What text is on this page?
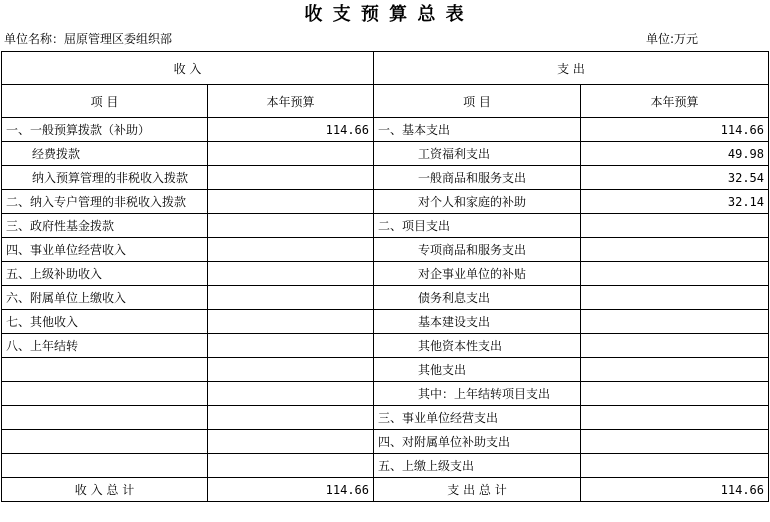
收 支 预 算 总 表
单位名称：屈原管理区委组织部	单位:万元
收 入		支 出	
项 目	本年预算	项 目	本年预算
一、一般预算拨款（补助）	114.66	一、基本支出	114.66
经费拨款		工资福利支出	49.98
纳入预算管理的非税收入拨款		一般商品和服务支出	32.54
二、纳入专户管理的非税收入拨款		对个人和家庭的补助	32.14
三、政府性基金拨款		二、项目支出	
四、事业单位经营收入		专项商品和服务支出	
五、上级补助收入		对企事业单位的补贴	
六、附属单位上缴收入		债务利息支出	
七、其他收入		基本建设支出	
八、上年结转		其他资本性支出	
		其他支出	
		其中：上年结转项目支出	
		三、事业单位经营支出	
		四、对附属单位补助支出	
		五、上缴上级支出	
收 入 总 计	114.66	支 出 总 计	114.66
